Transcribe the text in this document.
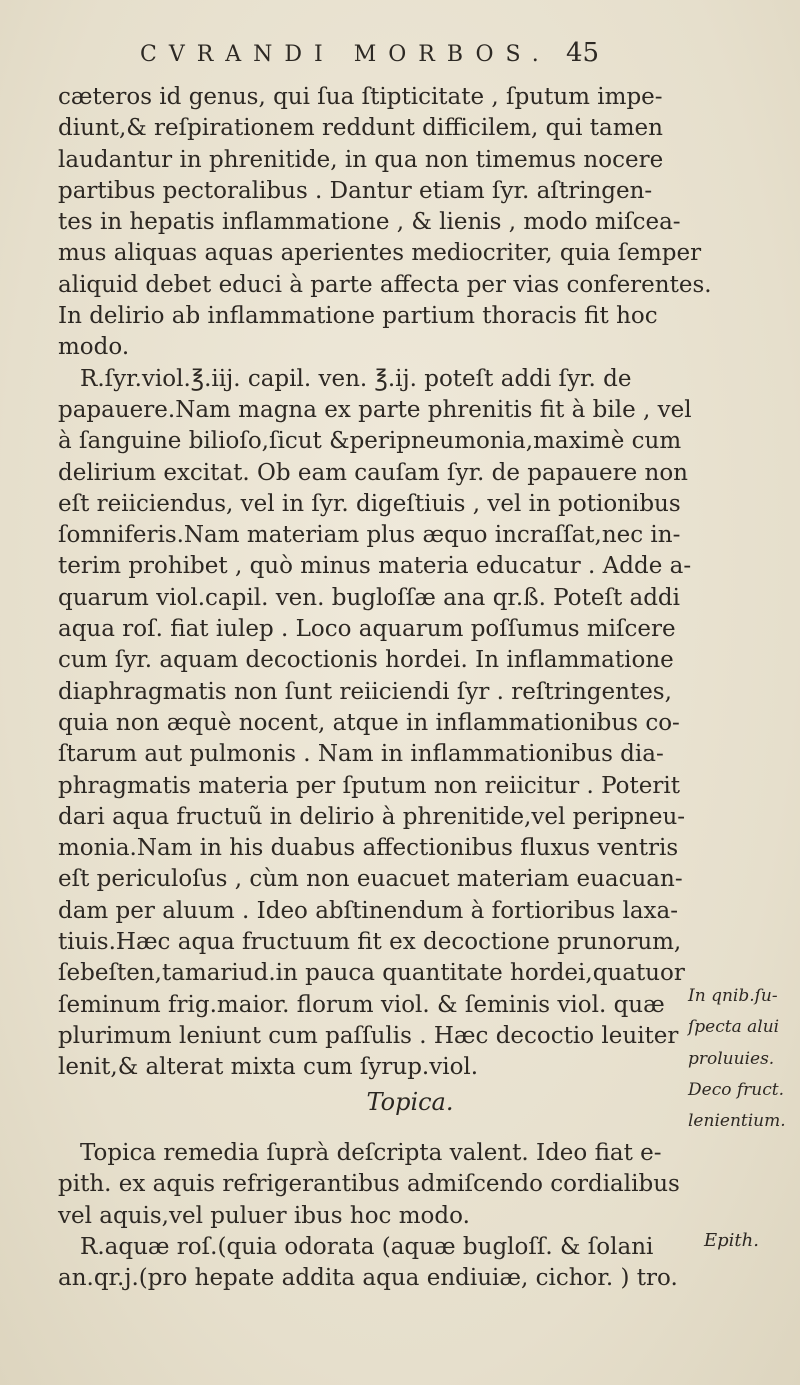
CVRANDI MORBOS. 45
cæteros id genus, qui ſua ſtipticitate , ſputum impe-
diunt,& reſpirationem reddunt difficilem, qui tamen
laudantur in phrenitide, in qua non timemus nocere
partibus pectoralibus . Dantur etiam ſyr. aſtringen-
tes in hepatis inflammatione , & lienis , modo miſcea-
mus aliquas aquas aperientes mediocriter, quia ſemper
aliquid debet educi à parte affecta per vias conferentes.
In delirio ab inflammatione partium thoracis fit hoc
modo.
R.ſyr.viol.℥.iij. capil. ven. ℥.ij. poteſt addi ſyr. de
papauere.Nam magna ex parte phrenitis fit à bile , vel
à ſanguine bilioſo,ſicut &peripneumonia,maximè cum
delirium excitat. Ob eam cauſam ſyr. de papauere non
eſt reiiciendus, vel in ſyr. digeſtiuis , vel in potionibus
ſomniferis.Nam materiam plus æquo incraſſat,nec in-
terim prohibet , quò minus materia educatur . Adde a-
quarum viol.capil. ven. bugloſſæ ana qr.ß. Poteſt addi
aqua roſ. fiat iulep . Loco aquarum poſſumus miſcere
cum ſyr. aquam decoctionis hordei. In inflammatione
diaphragmatis non ſunt reiiciendi ſyr . reſtringentes,
quia non æquè nocent, atque in inflammationibus co-
ſtarum aut pulmonis . Nam in inflammationibus dia-
phragmatis materia per ſputum non reiicitur . Poterit
dari aqua fructuũ in delirio à phrenitide,vel peripneu-
monia.Nam in his duabus affectionibus fluxus ventris
eſt periculoſus , cùm non euacuet materiam euacuan-
dam per aluum . Ideo abſtinendum à fortioribus laxa-
tiuis.Hæc aqua fructuum fit ex decoctione prunorum,
ſebeſten,tamariud.in pauca quantitate hordei,quatuor
ſeminum frig.maior. florum viol. & ſeminis viol. quæ
plurimum leniunt cum paſſulis . Hæc decoctio leuiter
lenit,& alterat mixta cum ſyrup.viol.
In qnib.ſu-
ſpecta alui
proluuies.
Deco fruct.
lenientium.
Topica.
Topica remedia ſuprà deſcripta valent. Ideo fiat e-
pith. ex aquis refrigerantibus admiſcendo cordialibus
vel aquis,vel puluer ibus hoc modo.
R.aquæ roſ.(quia odorata (aquæ bugloſſ. & ſolani
an.qr.j.(pro hepate addita aqua endiuiæ, cichor. ) tro.
Epith.
